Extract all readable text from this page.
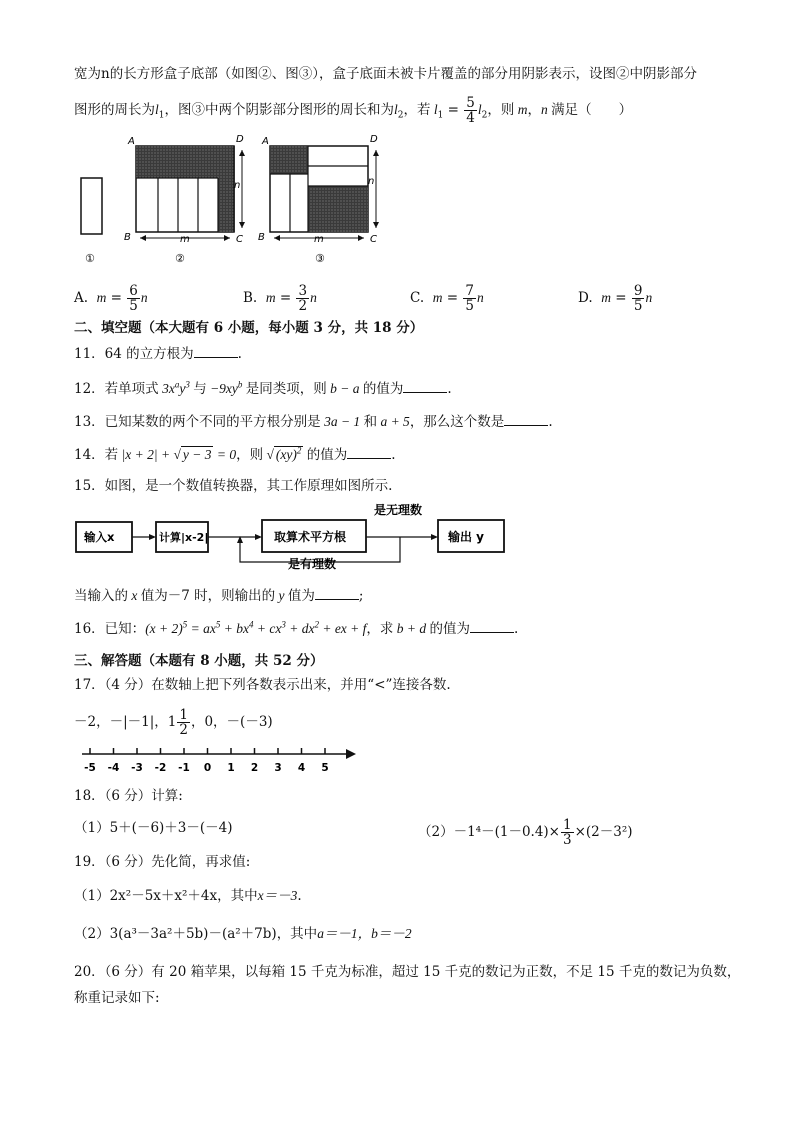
宽为n的长方形盒子底部（如图②、图③），盒子底面未被卡片覆盖的部分用阴影表示，设图②中阴影部分
图形的周长为$l_1$，图③中两个阴影部分图形的周长和为$l_2$，若 $l_1 = \frac{5}{4} l_2$，则 m，n 满足（　　）
①
A	D
B	C
m
n
②
A	D
B	C
m
n
③
A. $m = \frac{6}{5}$ n	B. $m = \frac{3}{2}$ n	C. $m = \frac{7}{5}$ n	D. $m = \frac{9}{5}$ n
二、填空题（本大题有 6 小题，每小题 3 分，共 18 分）
11．64 的立方根为	.
12．若单项式 $3x^ay^3$ 与 $-9xy^b$ 是同类项，则 b − a 的值为	.
13．已知某数的两个不同的平方根分别是 3a − 1 和 a + 5，那么这个数是	.
14．若 |x + 2| + √ y − 3 = 0，则 √ (xy)$^2$ 的值为	.
15．如图，是一个数值转换器，其工作原理如图所示.
输入x	计算|x-2|	取算术平方根
是无理数
输出 y
是有理数
当输入的 x 值为－7 时，则输出的 y 值为	;
16．已知：$(x + 2)^5 = ax^5 + bx^4 + cx^3 + dx^2$ + ex + f，求 b + d 的值为	.
三、解答题（本题有 8 小题，共 52 分）
17．（4 分）在数轴上把下列各数表示出来，并用“<”连接各数.
－2，－|－1|，$1 \frac{1}{2}$ ，0，－(－3)
-5 -4 -3 -2 -1 0 1 2 3 4 5
18．（6 分）计算:
（1）5＋(－6)＋3－(－4)	$(2)-1^4-(1-0.4)\times \frac{1}{3} \times(2-3^2)$
19．（6 分）先化简，再求值:
（1）2x²－5x＋x²＋4x，其中x＝－3.
（2）3(a³－3a²＋5b)－(a²＋7b)，其中a＝－1，b＝－2
20．（6 分）有 20 箱苹果，以每箱 15 千克为标准，超过 15 千克的数记为正数，不足 15 千克的数记为负数，
称重记录如下:
